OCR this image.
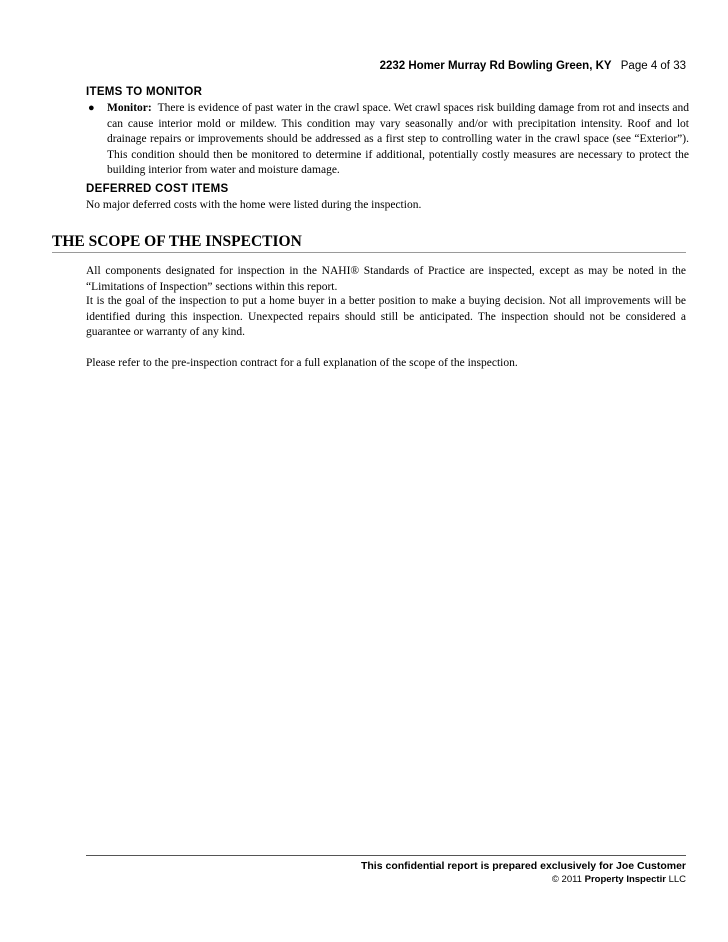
2232 Homer Murray Rd Bowling Green, KY Page 4 of 33
ITEMS TO MONITOR
● Monitor: There is evidence of past water in the crawl space. Wet crawl spaces risk building damage from rot and insects and can cause interior mold or mildew. This condition may vary seasonally and/or with precipitation intensity. Roof and lot drainage repairs or improvements should be addressed as a first step to controlling water in the crawl space (see “Exterior”). This condition should then be monitored to determine if additional, potentially costly measures are necessary to protect the building interior from water and moisture damage.
DEFERRED COST ITEMS
No major deferred costs with the home were listed during the inspection.
THE SCOPE OF THE INSPECTION
All components designated for inspection in the NAHI® Standards of Practice are inspected, except as may be noted in the “Limitations of Inspection” sections within this report.
It is the goal of the inspection to put a home buyer in a better position to make a buying decision. Not all improvements will be identified during this inspection. Unexpected repairs should still be anticipated. The inspection should not be considered a guarantee or warranty of any kind.
Please refer to the pre-inspection contract for a full explanation of the scope of the inspection.
This confidential report is prepared exclusively for Joe Customer
© 2011 Property Inspectir LLC
